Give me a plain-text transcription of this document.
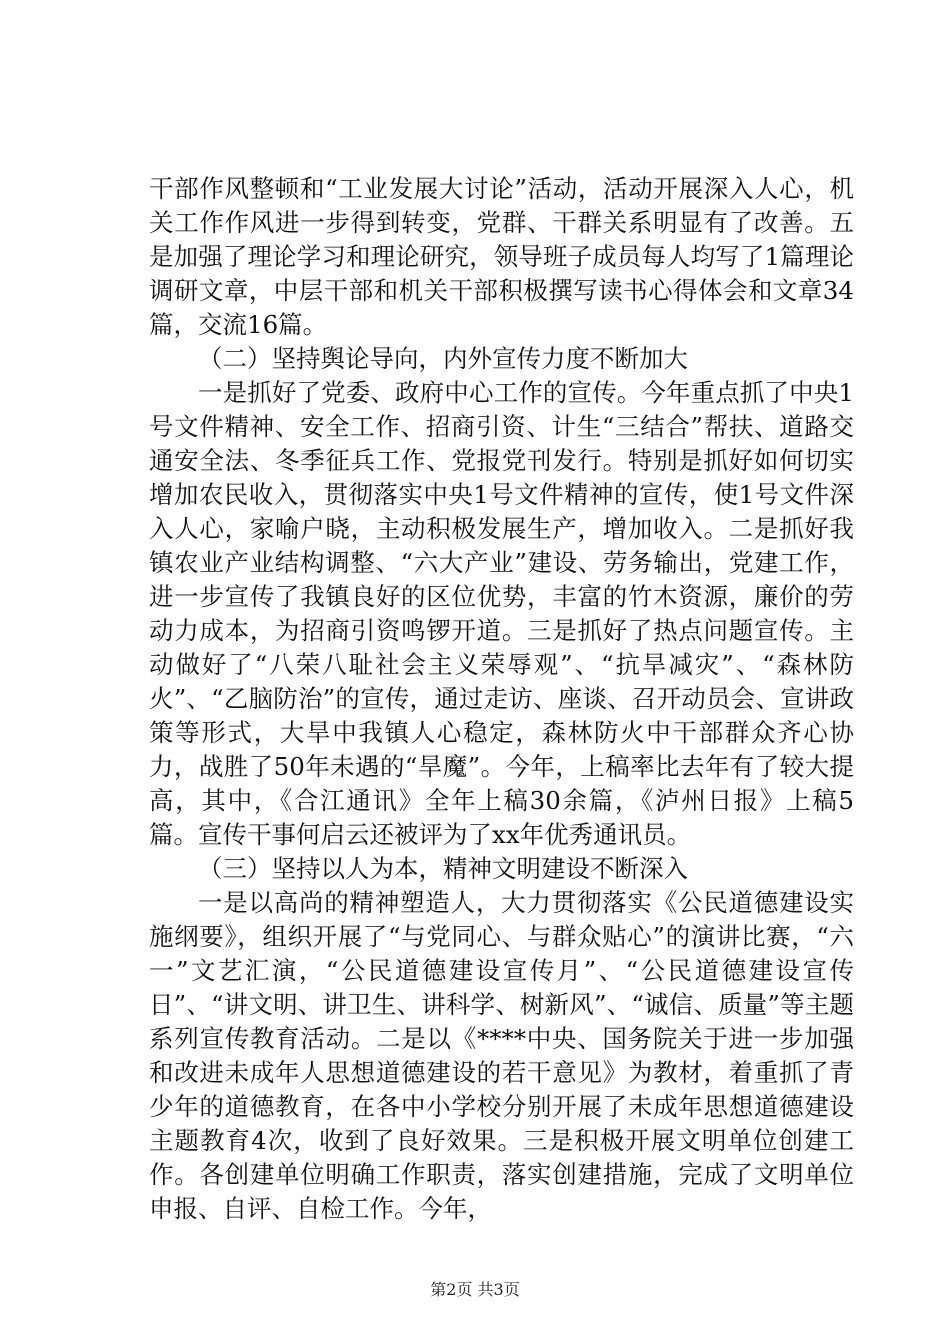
干部作风整顿和“工业发展大讨论”活动，活动开展深入人心，机关工作作风进一步得到转变，党群、干群关系明显有了改善。五是加强了理论学习和理论研究，领导班子成员每人均写了1篇理论调研文章，中层干部和机关干部积极撰写读书心得体会和文章34篇，交流16篇。

（二）坚持舆论导向，内外宣传力度不断加大

一是抓好了党委、政府中心工作的宣传。今年重点抓了中央1号文件精神、安全工作、招商引资、计生“三结合”帮扶、道路交通安全法、冬季征兵工作、党报党刊发行。特别是抓好如何切实增加农民收入，贯彻落实中央1号文件精神的宣传，使1号文件深入人心，家喻户晓，主动积极发展生产，增加收入。二是抓好我镇农业产业结构调整、“六大产业”建设、劳务输出，党建工作，进一步宣传了我镇良好的区位优势，丰富的竹木资源，廉价的劳动力成本，为招商引资鸣锣开道。三是抓好了热点问题宣传。主动做好了“八荣八耻社会主义荣辱观”、“抗旱减灾”、“森林防火”、“乙脑防治”的宣传，通过走访、座谈、召开动员会、宣讲政策等形式，大旱中我镇人心稳定，森林防火中干部群众齐心协力，战胜了50年未遇的“旱魔”。今年，上稿率比去年有了较大提高，其中，《合江通讯》全年上稿30余篇，《泸州日报》上稿5篇。宣传干事何启云还被评为了xx年优秀通讯员。

（三）坚持以人为本，精神文明建设不断深入

一是以高尚的精神塑造人，大力贯彻落实《公民道德建设实施纲要》，组织开展了“与党同心、与群众贴心”的演讲比赛，“六一”文艺汇演，“公民道德建设宣传月”、“公民道德建设宣传日”、“讲文明、讲卫生、讲科学、树新风”、“诚信、质量”等主题系列宣传教育活动。二是以《****中央、国务院关于进一步加强和改进未成年人思想道德建设的若干意见》为教材，着重抓了青少年的道德教育，在各中小学校分别开展了未成年思想道德建设主题教育4次，收到了良好效果。三是积极开展文明单位创建工作。各创建单位明确工作职责，落实创建措施，完成了文明单位申报、自评、自检工作。今年，

第2页 共3页
